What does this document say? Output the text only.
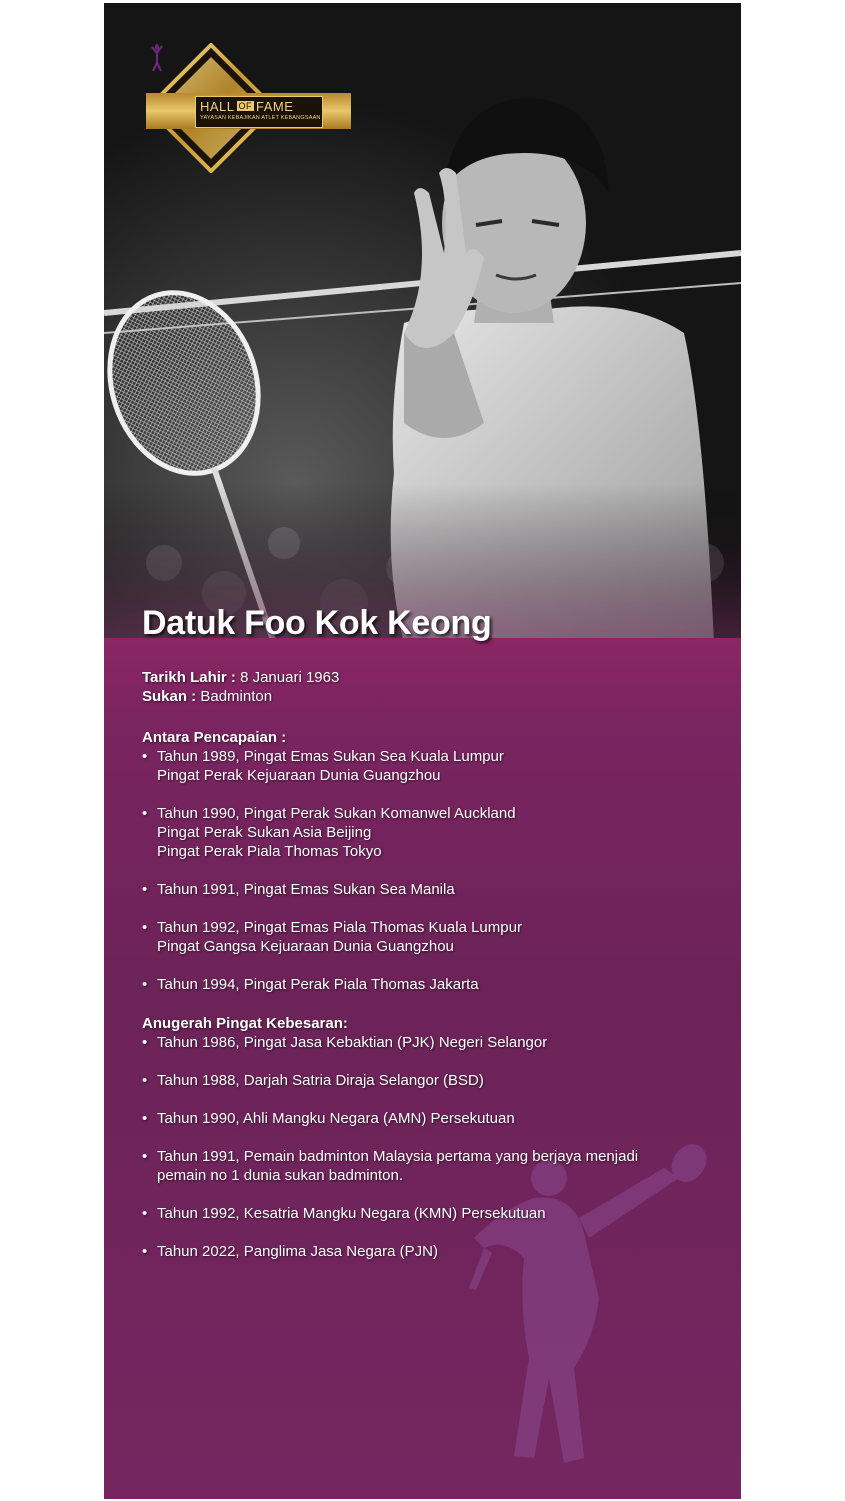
HALL OF FAME
YAYASAN KEBAJIKAN ATLET KEBANGSAAN
Datuk Foo Kok Keong
Tarikh Lahir : 8 Januari 1963
Sukan : Badminton
Antara Pencapaian :
• Tahun 1989, Pingat Emas Sukan Sea Kuala Lumpur
Pingat Perak Kejuaraan Dunia Guangzhou
• Tahun 1990, Pingat Perak Sukan Komanwel Auckland
Pingat Perak Sukan Asia Beijing
Pingat Perak Piala Thomas Tokyo
• Tahun 1991, Pingat Emas Sukan Sea Manila
• Tahun 1992, Pingat Emas Piala Thomas Kuala Lumpur
Pingat Gangsa Kejuaraan Dunia Guangzhou
• Tahun 1994, Pingat Perak Piala Thomas Jakarta
Anugerah Pingat Kebesaran:
• Tahun 1986, Pingat Jasa Kebaktian (PJK) Negeri Selangor
• Tahun 1988, Darjah Satria Diraja Selangor (BSD)
• Tahun 1990, Ahli Mangku Negara (AMN) Persekutuan
• Tahun 1991, Pemain badminton Malaysia pertama yang berjaya menjadi
pemain no 1 dunia sukan badminton.
• Tahun 1992, Kesatria Mangku Negara (KMN) Persekutuan
• Tahun 2022, Panglima Jasa Negara (PJN)
